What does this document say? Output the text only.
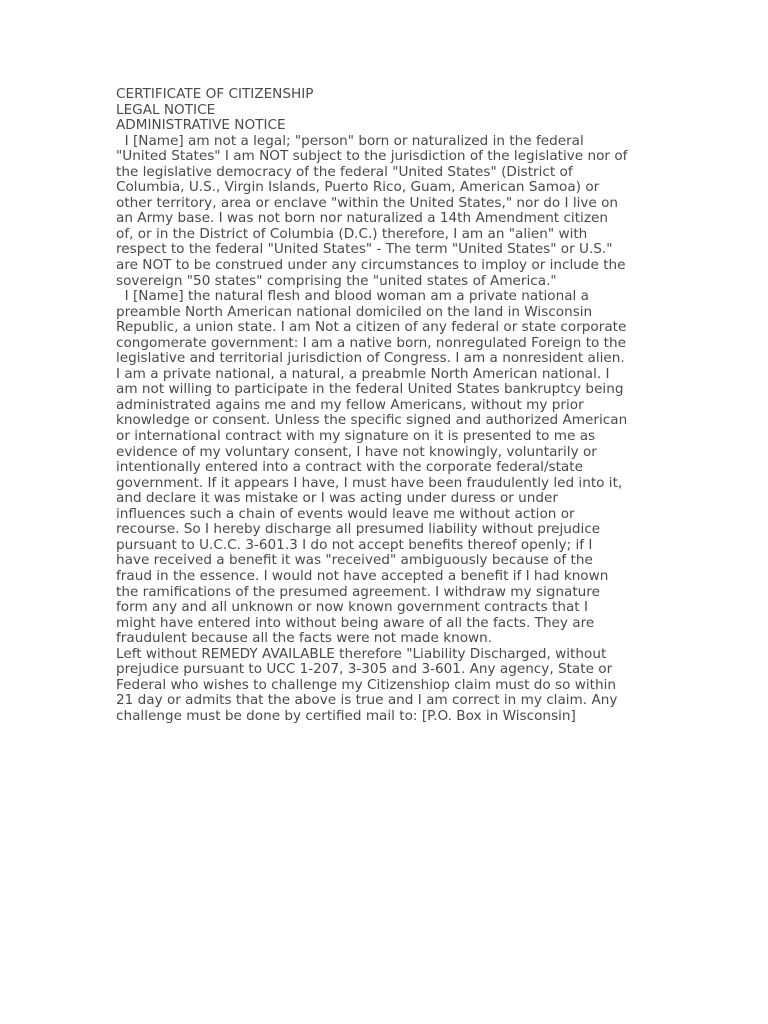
CERTIFICATE OF CITIZENSHIP
LEGAL NOTICE
ADMINISTRATIVE NOTICE
I [Name] am not a legal; "person" born or naturalized in the federal
"United States" I am NOT subject to the jurisdiction of the legislative nor of
the legislative democracy of the federal "United States" (District of
Columbia, U.S., Virgin Islands, Puerto Rico, Guam, American Samoa) or
other territory, area or enclave "within the United States," nor do I live on
an Army base. I was not born nor naturalized a 14th Amendment citizen
of, or in the District of Columbia (D.C.) therefore, I am an "alien" with
respect to the federal "United States" - The term "United States" or U.S."
are NOT to be construed under any circumstances to imploy or include the
sovereign "50 states" comprising the "united states of America."
I [Name] the natural flesh and blood woman am a private national a
preamble North American national domiciled on the land in Wisconsin
Republic, a union state. I am Not a citizen of any federal or state corporate
congomerate government: I am a native born, nonregulated Foreign to the
legislative and territorial jurisdiction of Congress. I am a nonresident alien.
I am a private national, a natural, a preabmle North American national. I
am not willing to participate in the federal United States bankruptcy being
administrated agains me and my fellow Americans, without my prior
knowledge or consent. Unless the specific signed and authorized American
or international contract with my signature on it is presented to me as
evidence of my voluntary consent, I have not knowingly, voluntarily or
intentionally entered into a contract with the corporate federal/state
government. If it appears I have, I must have been fraudulently led into it,
and declare it was mistake or I was acting under duress or under
influences such a chain of events would leave me without action or
recourse. So I hereby discharge all presumed liability without prejudice
pursuant to U.C.C. 3-601.3 I do not accept benefits thereof openly; if I
have received a benefit it was "received" ambiguously because of the
fraud in the essence. I would not have accepted a benefit if I had known
the ramifications of the presumed agreement. I withdraw my signature
form any and all unknown or now known government contracts that I
might have entered into without being aware of all the facts. They are
fraudulent because all the facts were not made known.
Left without REMEDY AVAILABLE therefore "Liability Discharged, without
prejudice pursuant to UCC 1-207, 3-305 and 3-601. Any agency, State or
Federal who wishes to challenge my Citizenshiop claim must do so within
21 day or admits that the above is true and I am correct in my claim. Any
challenge must be done by certified mail to: [P.O. Box in Wisconsin]
